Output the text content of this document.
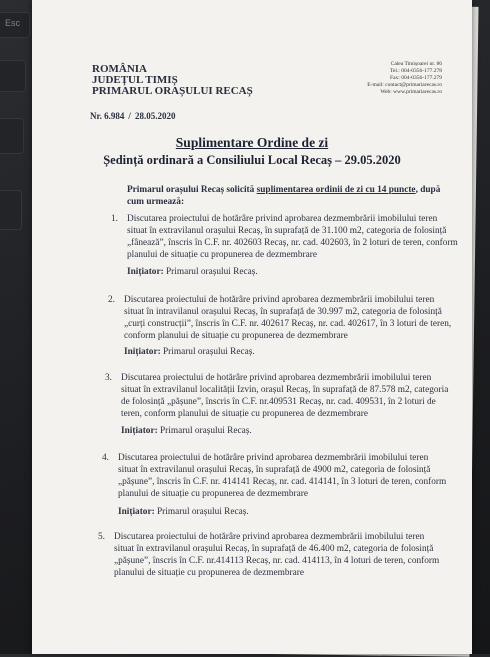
Esc
ROMÂNIA
JUDEȚUL TIMIȘ
PRIMARUL ORAȘULUI RECAȘ
Calea Timișoarei nr. 86
Tel.: 004-0356-177.278
Fax: 004-0356-177.279
E-mail: contact@primariarecas.ro
Web: www.primariarecas.ro
Nr. 6.984 / 28.05.2020
Suplimentare Ordine de zi
Ședință ordinară a Consiliului Local Recaș – 29.05.2020
Primarul orașului Recaș solicită suplimentarea ordinii de zi cu 14 puncte, după cum urmează:
1. Discutarea proiectului de hotărâre privind aprobarea dezmembrării imobilului teren
situat în extravilanul orașului Recaș, în suprafață de 31.100 m2, categoria de folosință
„fânează”, înscris în C.F. nr. 402603 Recaș, nr. cad. 402603, în 2 loturi de teren, conform
planului de situație cu propunerea de dezmembrare
Inițiator: Primarul orașului Recaș.
2. Discutarea proiectului de hotărâre privind aprobarea dezmembrării imobilului teren
situat în intravilanul orașului Recaș, în suprafață de 30.997 m2, categoria de folosință
„curți construcții”, înscris în C.F. nr. 402617 Recaș, nr. cad. 402617, în 3 loturi de teren,
conform planului de situație cu propunerea de dezmembrare
Inițiator: Primarul orașului Recaș.
3. Discutarea proiectului de hotărâre privind aprobarea dezmembrării imobilului teren
situat în extravilanul localității Izvin, orașul Recaș, în suprafață de 87.578 m2, categoria
de folosință „pășune”, înscris în C.F. nr.409531 Recaș, nr. cad. 409531, în 2 loturi de
teren, conform planului de situație cu propunerea de dezmembrare
Inițiator: Primarul orașului Recaș.
4. Discutarea proiectului de hotărâre privind aprobarea dezmembrării imobilului teren
situat în extravilanul orașului Recaș, în suprafață de 4900 m2, categoria de folosință
„pășune”, înscris în C.F. nr. 414141 Recaș, nr. cad. 414141, în 3 loturi de teren, conform
planului de situație cu propunerea de dezmembrare
Inițiator: Primarul orașului Recaș.
5. Discutarea proiectului de hotărâre privind aprobarea dezmembrării imobilului teren
situat în extravilanul orașului Recaș, în suprafață de 46.400 m2, categoria de folosință
„pășune”, înscris în C.F. nr.414113 Recaș, nr. cad. 414113, în 4 loturi de teren, conform
planului de situație cu propunerea de dezmembrare
